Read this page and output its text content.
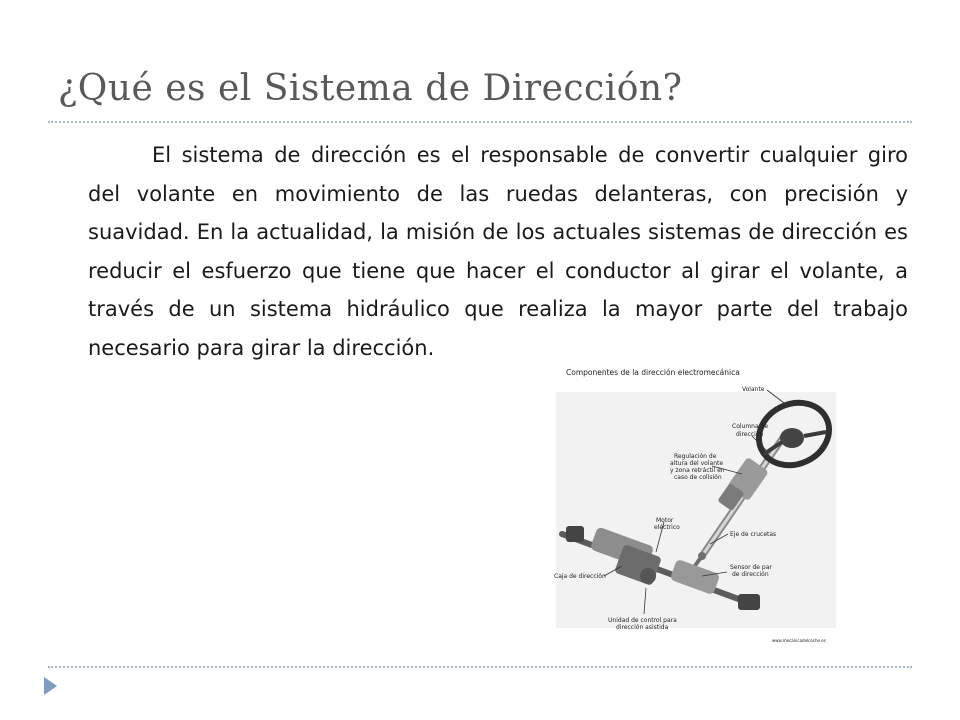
¿Qué es el Sistema de Dirección?
El sistema de dirección es el responsable de convertir cualquier giro del volante en movimiento de las ruedas delanteras, con precisión y suavidad. En la actualidad, la misión de los actuales sistemas de dirección es reducir el esfuerzo que tiene que hacer el conductor al girar el volante, a través de un sistema hidráulico que realiza la mayor parte del trabajo necesario para girar la dirección.
Componentes de la dirección electromecánica
Volante
Columna de
dirección
Regulación de
altura del volante
y zona retráctil en
caso de colisión
Motor
eléctrico
Eje de crucetas
Sensor de par
de dirección
Caja de dirección
Unidad de control para
dirección asistida
www.mecanicadelcoche.es
